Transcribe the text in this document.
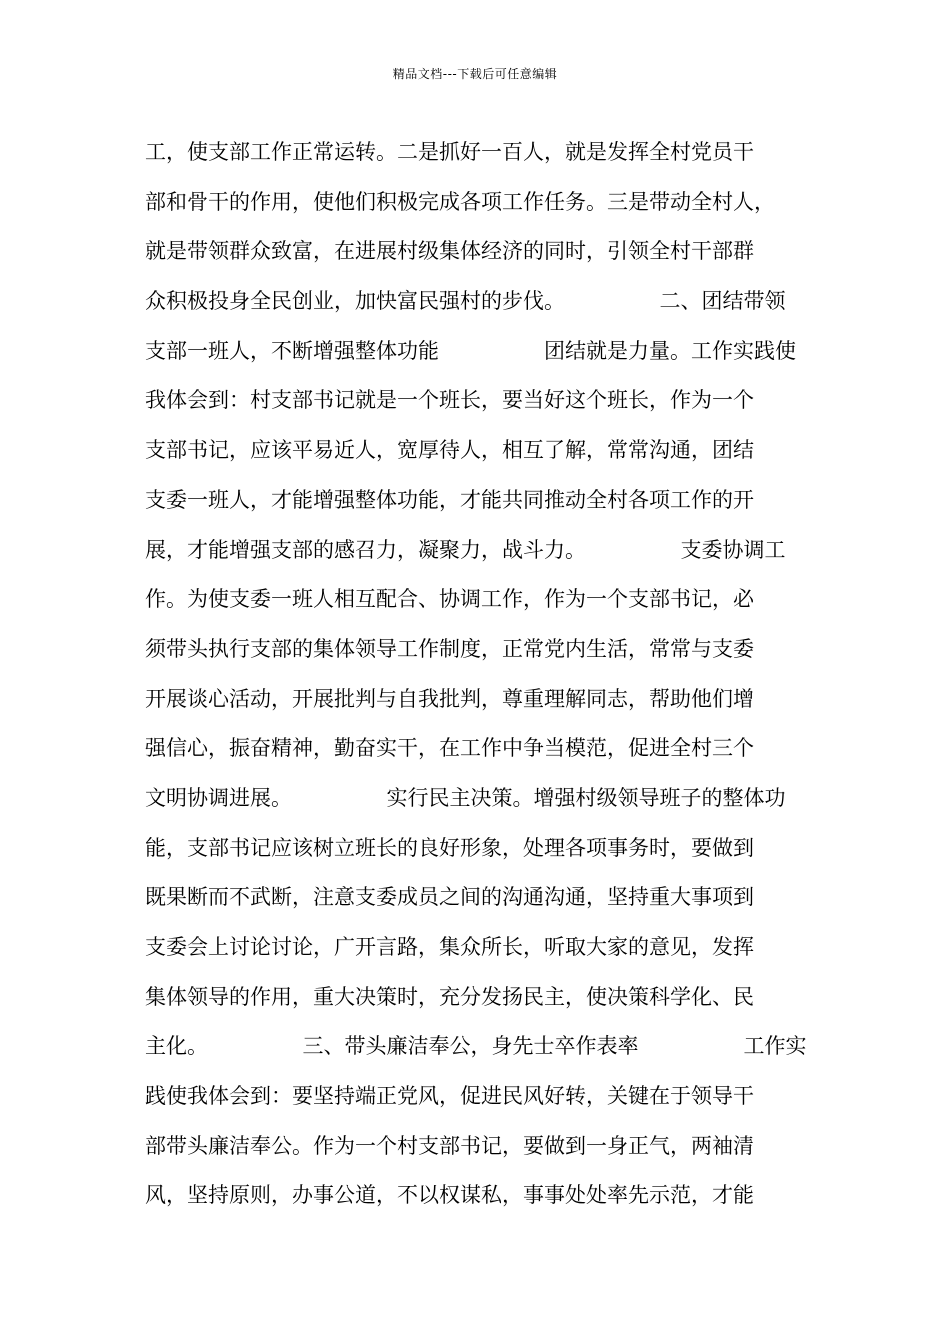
精品文档---下载后可任意编辑
工，使支部工作正常运转。二是抓好一百人，就是发挥全村党员干
部和骨干的作用，使他们积极完成各项工作任务。三是带动全村人，
就是带领群众致富，在进展村级集体经济的同时，引领全村干部群
众积极投身全民创业，加快富民强村的步伐。　　　　　二、团结带领
支部一班人，不断增强整体功能　　　　　团结就是力量。工作实践使
我体会到：村支部书记就是一个班长，要当好这个班长，作为一个
支部书记，应该平易近人，宽厚待人，相互了解，常常沟通，团结
支委一班人，才能增强整体功能，才能共同推动全村各项工作的开
展，才能增强支部的感召力，凝聚力，战斗力。　　　　　支委协调工
作。为使支委一班人相互配合、协调工作，作为一个支部书记，必
须带头执行支部的集体领导工作制度，正常党内生活，常常与支委
开展谈心活动，开展批判与自我批判，尊重理解同志，帮助他们增
强信心，振奋精神，勤奋实干，在工作中争当模范，促进全村三个
文明协调进展。　　　　　实行民主决策。增强村级领导班子的整体功
能，支部书记应该树立班长的良好形象，处理各项事务时，要做到
既果断而不武断，注意支委成员之间的沟通沟通，坚持重大事项到
支委会上讨论讨论，广开言路，集众所长，听取大家的意见，发挥
集体领导的作用，重大决策时，充分发扬民主，使决策科学化、民
主化。　　　　　三、带头廉洁奉公，身先士卒作表率　　　　　工作实
践使我体会到：要坚持端正党风，促进民风好转，关键在于领导干
部带头廉洁奉公。作为一个村支部书记，要做到一身正气，两袖清
风，坚持原则，办事公道，不以权谋私，事事处处率先示范，才能
